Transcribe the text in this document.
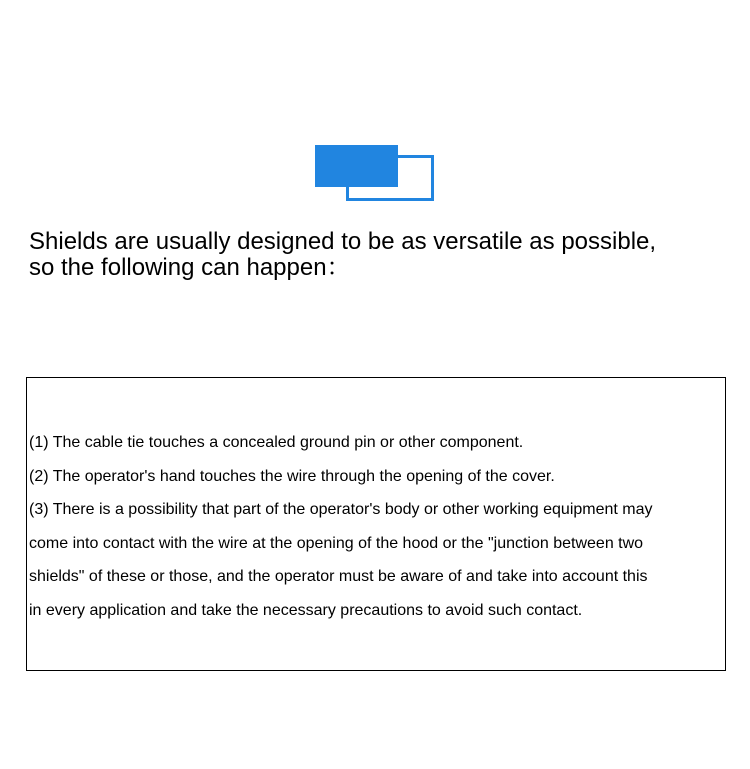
Shields are usually designed to be as versatile as possible,
so the following can happen：
(1) The cable tie touches a concealed ground pin or other component.
(2) The operator's hand touches the wire through the opening of the cover.
(3) There is a possibility that part of the operator's body or other working equipment may
come into contact with the wire at the opening of the hood or the "junction between two
shields" of these or those, and the operator must be aware of and take into account this
in every application and take the necessary precautions to avoid such contact.
